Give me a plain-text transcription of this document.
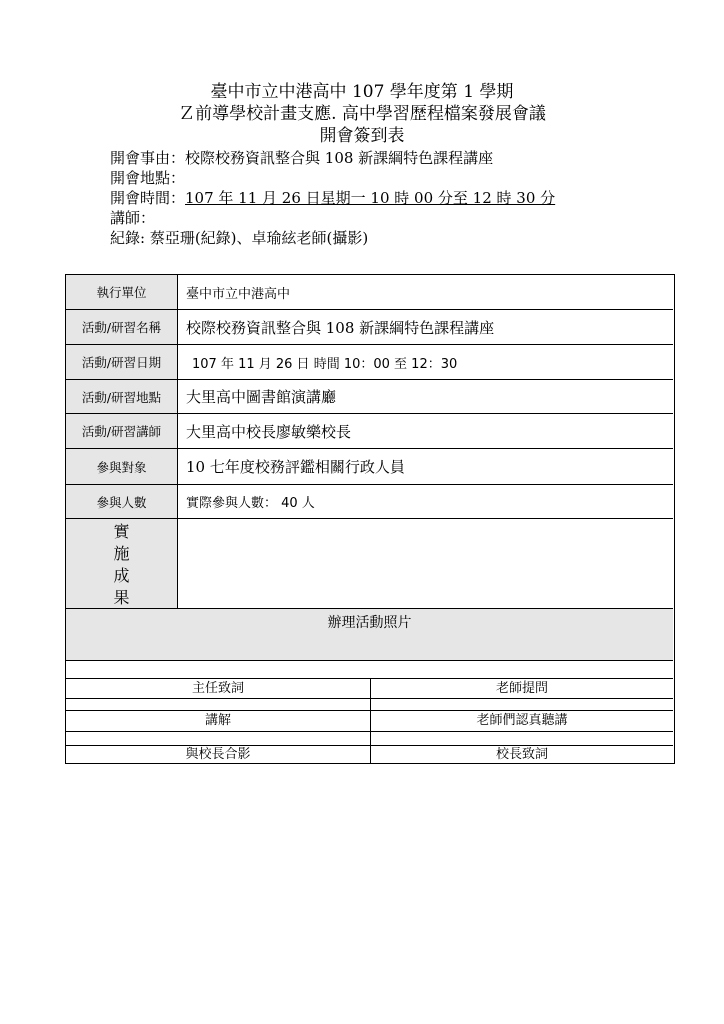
臺中市立中港高中 107 學年度第 1 學期
Ｚ前導學校計畫支應. 高中學習歷程檔案發展會議
開會簽到表
開會事由：校際校務資訊整合與 108 新課綱特色課程講座
開會地點：
開會時間：107 年 11 月 26 日星期一 10 時 00 分至 12 時 30 分
講師：
紀錄: 蔡亞珊(紀錄)、卓瑜絃老師(攝影)
執行單位	臺中市立中港高中
活動/研習名稱	校際校務資訊整合與 108 新課綱特色課程講座
活動/研習日期	107 年 11 月 26 日 時間 10：00 至 12：30
活動/研習地點	大里高中圖書館演講廳
活動/研習講師	大里高中校長廖敏樂校長
參與對象	10 七年度校務評鑑相關行政人員
參與人數	實際參與人數： 40 人
實
施
成
果
辦理活動照片
主任致詞	老師提問
講解	老師們認真聽講
與校長合影	校長致詞
